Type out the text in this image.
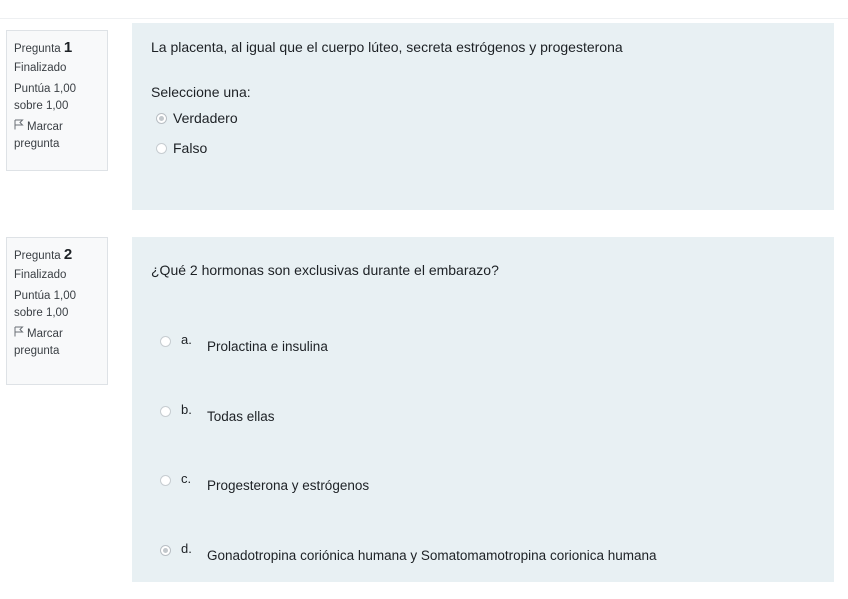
Pregunta 1
Finalizado
Puntúa 1,00
sobre 1,00
Marcar
pregunta
La placenta, al igual que el cuerpo lúteo, secreta estrógenos y progesterona
Seleccione una:
Verdadero
Falso
Pregunta 2
Finalizado
Puntúa 1,00
sobre 1,00
Marcar
pregunta
¿Qué 2 hormonas son exclusivas durante el embarazo?
a. Prolactina e insulina
b. Todas ellas
c. Progesterona y estrógenos
d. Gonadotropina coriónica humana y Somatomamotropina corionica humana
